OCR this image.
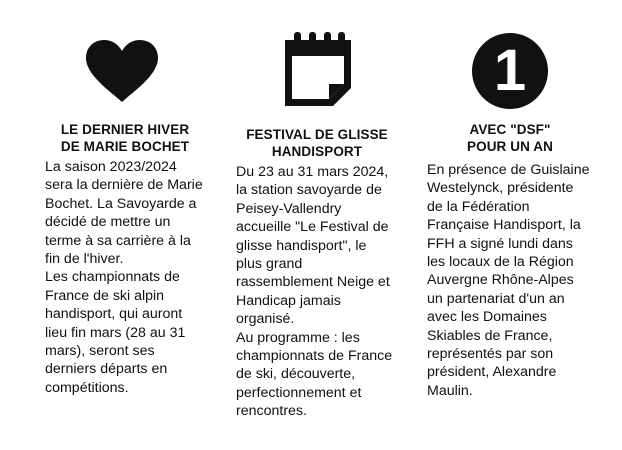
LE DERNIER HIVER
DE MARIE BOCHET

La saison 2023/2024 sera la dernière de Marie Bochet. La Savoyarde a décidé de mettre un terme à sa carrière à la fin de l'hiver.

Les championnats de France de ski alpin handisport, qui auront lieu fin mars (28 au 31 mars), seront ses derniers départs en compétitions.

FESTIVAL DE GLISSE
HANDISPORT

Du 23 au 31 mars 2024, la station savoyarde de Peisey-Vallendry accueille "Le Festival de glisse handisport", le plus grand rassemblement Neige et Handicap jamais organisé.

Au programme : les championnats de France de ski, découverte, perfectionnement et rencontres.

1
AVEC "DSF"
POUR UN AN

En présence de Guislaine Westelynck, présidente de la Fédération Française Handisport, la FFH a signé lundi dans les locaux de la Région Auvergne Rhône-Alpes un partenariat d'un an avec les Domaines Skiables de France, représentés par son président, Alexandre Maulin.
